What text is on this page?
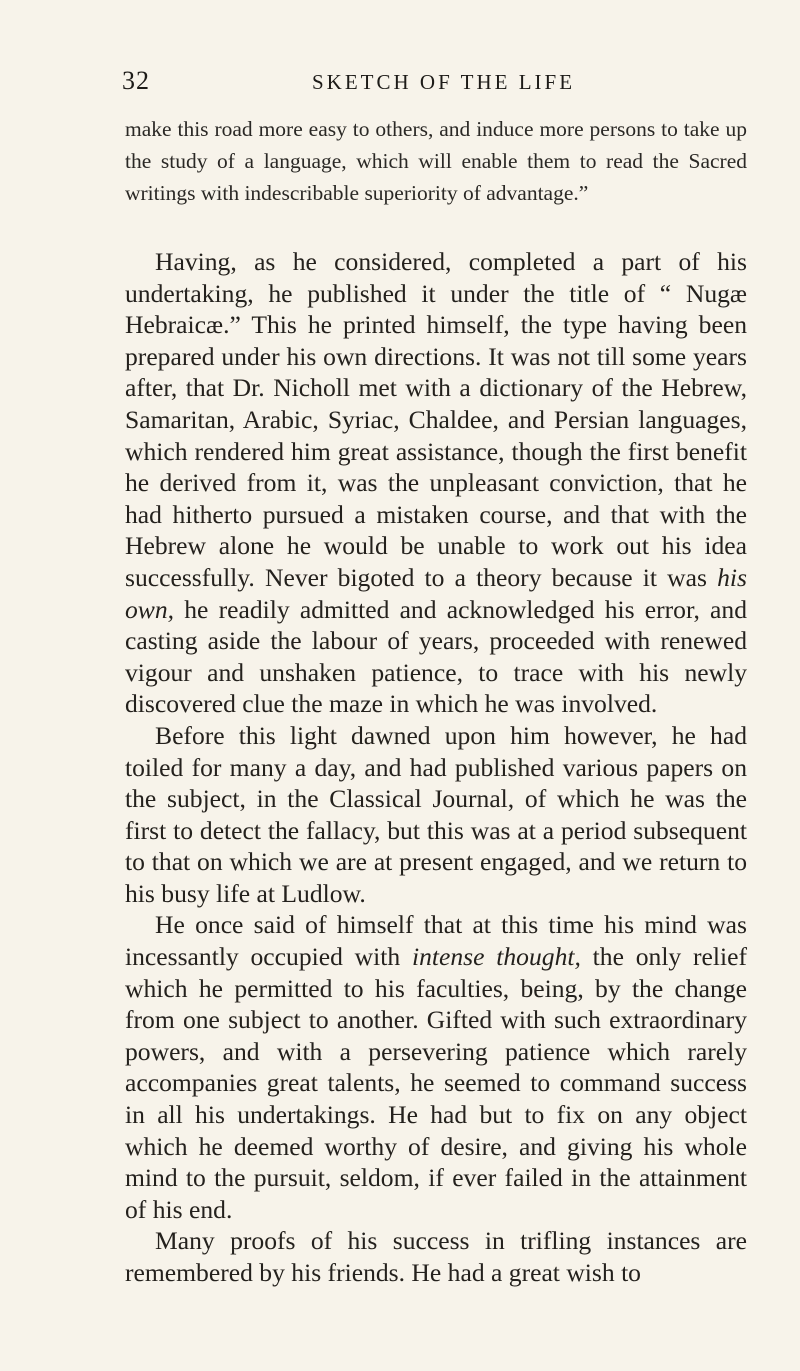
32	SKETCH OF THE LIFE

make this road more easy to others, and induce more persons to take up the study of a language, which will enable them to read the Sacred writings with indescribable superiority of advantage.”

Having, as he considered, completed a part of his undertaking, he published it under the title of “ Nugæ Hebraicæ.” This he printed himself, the type having been prepared under his own directions. It was not till some years after, that Dr. Nicholl met with a dictionary of the Hebrew, Samaritan, Arabic, Syriac, Chaldee, and Persian languages, which rendered him great assistance, though the first benefit he derived from it, was the unpleasant conviction, that he had hitherto pursued a mistaken course, and that with the Hebrew alone he would be unable to work out his idea successfully. Never bigoted to a theory because it was his own, he readily admitted and acknowledged his error, and casting aside the labour of years, proceeded with renewed vigour and unshaken patience, to trace with his newly discovered clue the maze in which he was involved.

Before this light dawned upon him however, he had toiled for many a day, and had published various papers on the subject, in the Classical Journal, of which he was the first to detect the fallacy, but this was at a period subsequent to that on which we are at present engaged, and we return to his busy life at Ludlow.

He once said of himself that at this time his mind was incessantly occupied with intense thought, the only relief which he permitted to his faculties, being, by the change from one subject to another. Gifted with such extraordinary powers, and with a persevering patience which rarely accompanies great talents, he seemed to command success in all his undertakings. He had but to fix on any object which he deemed worthy of desire, and giving his whole mind to the pursuit, seldom, if ever failed in the attainment of his end.

Many proofs of his success in trifling instances are remembered by his friends. He had a great wish to
